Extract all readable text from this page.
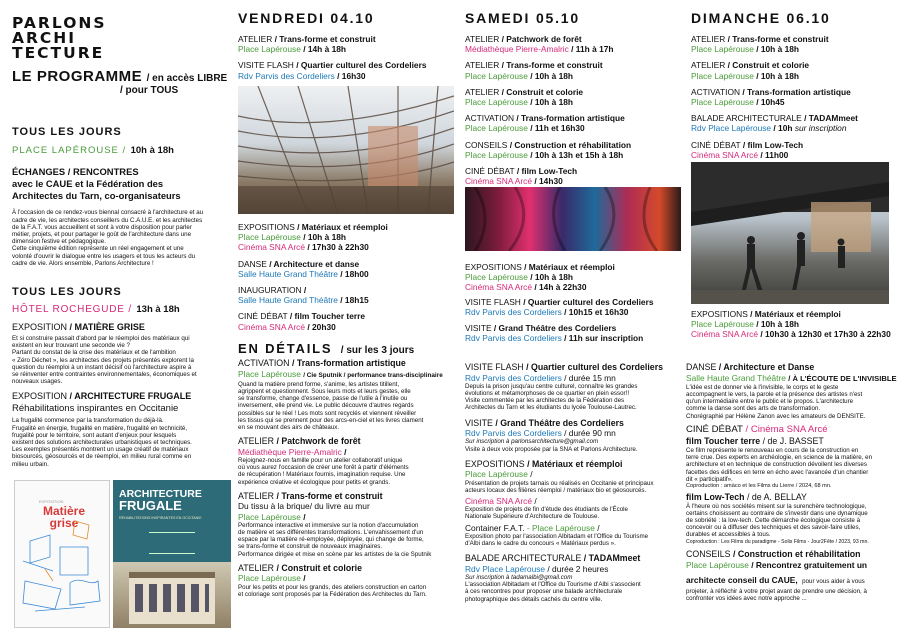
PARLONS
ARCHI
TECTURE
LE PROGRAMME / en accès LIBRE
/ pour TOUS
TOUS LES JOURS
PLACE LAPÉROUSE / 10h à 18h
ÉCHANGES / RENCONTRES
avec le CAUE et la Fédération des
Architectes du Tarn, co-organisateurs
À l'occasion de ce rendez-vous biennal consacré à l'architecture et au
cadre de vie, les architectes conseillers du C.A.U.E. et les architectes
de la F.A.T. vous accueillent et sont à votre disposition pour parler
métier, projets, et pour partager le goût de l'architecture dans une
dimension festive et pédagogique.
Cette cinquième édition représente un réel engagement et une
volonté d'ouvrir le dialogue entre les usagers et tous les acteurs du
cadre de vie. Alors ensemble, Parlons Architecture !
TOUS LES JOURS
HÔTEL ROCHEGUDE / 13h à 18h
EXPOSITION / MATIÈRE GRISE
Et si construire passait d'abord par le réemploi des matériaux qui
existent en leur trouvant une seconde vie ?
Partant du constat de la crise des matériaux et de l'ambition
« Zéro Déchet », les architectes des projets présentés explorent la
question du réemploi à un instant décisif où l'architecture aspire à
se réinventer entre contraintes environnementales, économiques et
nouveaux usages.
EXPOSITION / ARCHITECTURE FRUGALE
Réhabilitations inspirantes en Occitanie
La frugalité commence par la transformation du déjà-là.
Frugalité en énergie, frugalité en matière, frugalité en technicité,
frugalité pour le territoire, sont autant d'enjeux pour lesquels
existent des solutions architecturales urbanistiques et techniques.
Les exemples présentés montrent un usage créatif de matériaux
biosourcés, géosourcés et de réemploi, en milieu rural comme en
milieu urbain.
EXPOSITION
Matière grise
ARCHITECTURE
FRUGALE
RÉHABILITATIONS INSPIRANTES EN OCCITANIE
VENDREDI 04.10
ATELIER / Trans-forme et construit
Place Lapérouse / 14h à 18h
VISITE FLASH / Quartier culturel des Cordeliers
Rdv Parvis des Cordeliers / 16h30
EXPOSITIONS / Matériaux et réemploi
Place Lapérouse / 10h à 18h
Cinéma SNA Arcé / 17h30 à 22h30
DANSE / Architecture et danse
Salle Haute Grand Théâtre / 18h00
INAUGURATION /
Salle Haute Grand Théâtre / 18h15
CINÉ DÉBAT / film Toucher terre
Cinéma SNA Arcé / 20h30
SAMEDI 05.10
ATELIER / Patchwork de forêt
Médiathèque Pierre-Amalric / 11h à 17h
ATELIER / Trans-forme et construit
Place Lapérouse / 10h à 18h
ATELIER / Construit et colorie
Place Lapérouse / 10h à 18h
ACTIVATION / Trans-formation artistique
Place Lapérouse / 11h et 16h30
CONSEILS / Construction et réhabilitation
Place Lapérouse / 10h à 13h et 15h à 18h
CINÉ DÉBAT / film Low-Tech
Cinéma SNA Arcé / 14h30
EXPOSITIONS / Matériaux et réemploi
Place Lapérouse / 10h à 18h
Cinéma SNA Arcé / 14h à 22h30
VISITE FLASH / Quartier culturel des Cordeliers
Rdv Parvis des Cordeliers / 10h15 et 16h30
VISITE / Grand Théâtre des Cordeliers
Rdv Parvis des Cordeliers / 11h sur inscription
DIMANCHE 06.10
ATELIER / Trans-forme et construit
Place Lapérouse / 10h à 18h
ATELIER / Construit et colorie
Place Lapérouse / 10h à 18h
ACTIVATION / Trans-formation artistique
Place Lapérouse / 10h45
BALADE ARCHITECTURALE / TADAMmeet
Rdv Place Lapérouse / 10h sur inscription
CINÉ DÉBAT / film Low-Tech
Cinéma SNA Arcé / 11h00
EXPOSITIONS / Matériaux et réemploi
Place Lapérouse / 10h à 18h
Cinéma SNA Arcé / 10h30 à 12h30 et 17h30 à 22h30
EN DÉTAILS / sur les 3 jours
ACTIVATION / Trans-formation artistique
Place Lapérouse / Cie Sputnik / performance trans-disciplinaire
Quand la matière prend forme, s'anime, les artistes titillent,
agrippent et questionnent. Sous leurs mots et leurs gestes, elle
se transforme, change d'essence, passe de l'utile à l'inutile ou
inversement, elle prend vie. Le public découvre d'autres regards
possibles sur le réel ! Les mots sont recyclés et viennent réveiller
les tissus qui se prennent pour des arcs-en-ciel et les livres clament
en se mouvant des airs de châteaux.
ATELIER / Patchwork de forêt
Médiathèque Pierre-Amalric /
Rejoignez-nous en famille pour un atelier collaboratif unique
où vous aurez l'occasion de créer une forêt à partir d'éléments
de récupération ! Matériaux fournis, imagination requise. Une
expérience créative et écologique pour petits et grands.
ATELIER / Trans-forme et construit
Du tissu à la brique/ du livre au mur
Place Lapérouse /
Performance interactive et immersive sur la notion d'accumulation
de matière et ses différentes transformations. L'envahissement d'un
espace par la matière ré-employée, déployée, qui change de forme,
se trans-forme et construit de nouveaux imaginaires.
Performance dirigée et mise en scène par les artistes de la cie Sputnik
ATELIER / Construit et colorie
Place Lapérouse /
Pour les petits et pour les grands, des ateliers construction en carton
et coloriage sont proposés par la Fédération des Architectes du Tarn.
VISITE FLASH / Quartier culturel des Cordeliers
Rdv Parvis des Cordeliers / durée 15 mn
Depuis la prison jusqu'au centre culturel, connaître les grandes
évolutions et métamorphoses de ce quartier en plein essor!!
Visite commentée par les architectes de la Fédération des
Architectes du Tarn et les étudiants du lycée Toulouse-Lautrec.
VISITE / Grand Théâtre des Cordeliers
Rdv Parvis des Cordeliers / durée 90 mn
Sur inscription à parlonsarchitecture@gmail.com
Visite à deux voix proposée par la SNA et Parlons Architecture.
EXPOSITIONS / Matériaux et réemploi
Place Lapérouse /
Présentation de projets tarnais ou réalisés en Occitanie et principaux
acteurs locaux des filières réemploi / matériaux bio et géosourcés.
Cinéma SNA Arcé /
Exposition de projets de fin d'étude des étudiants de l'École
Nationale Supérieure d'Architecture de Toulouse.
Container F.A.T. - Place Lapérouse /
Exposition photo par l'association Albitadam et l'Office du Tourisme
d'Albi dans le cadre du concours « Matériaux perdus ».
BALADE ARCHITECTURALE / TADAMmeet
Rdv Place Lapérouse / durée 2 heures
Sur inscription à tadamalbi@gmail.com
L'association Albitadam et l'Office du Tourisme d'Albi s'associent
à ces rencontres pour proposer une balade architecturale
photographique des détails cachés du centre ville.
DANSE / Architecture et Danse
Salle Haute Grand Théâtre / À L'ÉCOUTE DE L'INVISIBLE
L'idée est de donner vie à l'invisible, le corps et le geste
accompagnent le vers, la parole et la présence des artistes n'est
qu'un intermédiaire entre le public et le propos. L'architecture
comme la danse sont des arts de transformation.
Chorégraphié par Hélène Zanon avec les amateurs de DENSITE.
CINÉ DÉBAT / Cinéma SNA Arcé
film Toucher terre / de J. BASSET
Ce film représente le renouveau en cours de la construction en
terre crue. Des experts en archéologie, en science de la matière, en
architecture et en technique de construction dévoilent les diverses
facettes des édifices en terre en écho avec l'avancée d'un chantier
dit « participatif».
Coproduction : amàco et les Films du Lierre / 2024, 68 mn.
film Low-Tech / de A. BELLAY
À l'heure où nos sociétés misent sur la surenchère technologique,
certains choisissent au contraire de s'investir dans une dynamique
de sobriété : la low-tech. Cette démarche écologique consiste à
concevoir ou à diffuser des techniques et des savoir-faire utiles,
durables et accessibles à tous.
Coproduction : Les Films du paradigme - Solis Films - Jour2Fête / 2023, 93 mn.
CONSEILS / Construction et réhabilitation
Place Lapérouse / Rencontrez gratuitement un
architecte conseil du CAUE, pour vous aider à vous
projeter, à réfléchir à votre projet avant de prendre une décision, à
confronter vos idées avec notre approche ...
